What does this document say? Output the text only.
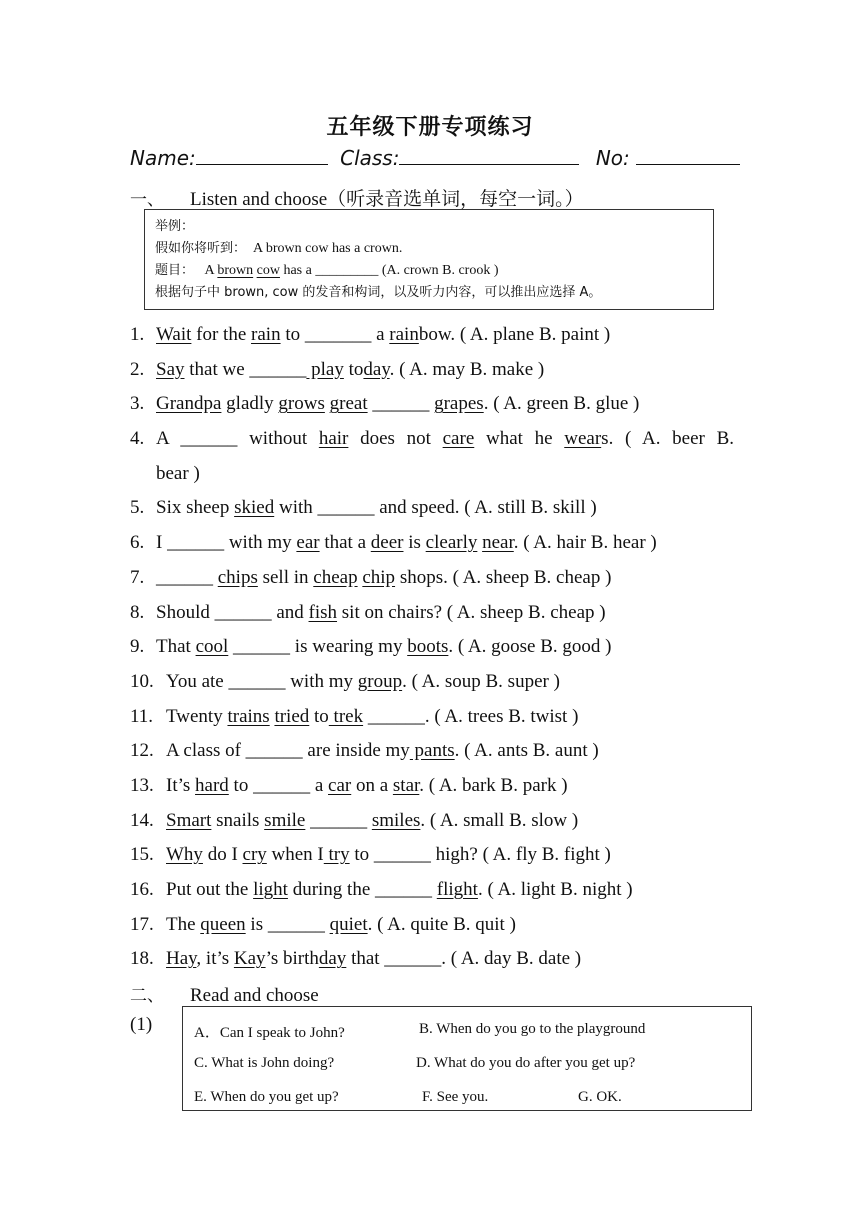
五年级下册专项练习
Name:	Class:	No:
一、 Listen and choose（听录音选单词，每空一词。）
举例：
假如你将听到： A brown cow has a crown.
题目： A brown cow has a _________ (A. crown B. crook )
根据句子中 brown, cow 的发音和构词，以及听力内容，可以推出应选择 A。
1. Wait for the rain to _______ a rainbow. ( A. plane B. paint )
2. Say that we ______ play today. ( A. may B. make )
3. Grandpa gladly grows great ______ grapes. ( A. green B. glue )
4. A ______ without hair does not care what he wears. ( A. beer B.
bear )
5. Six sheep skied with ______ and speed. ( A. still B. skill )
6. I ______ with my ear that a deer is clearly near. ( A. hair B. hear )
7. ______ chips sell in cheap chip shops. ( A. sheep B. cheap )
8. Should ______ and fish sit on chairs? ( A. sheep B. cheap )
9. That cool ______ is wearing my boots. ( A. goose B. good )
10. You ate ______ with my group. ( A. soup B. super )
11. Twenty trains tried to trek ______. ( A. trees B. twist )
12. A class of ______ are inside my pants. ( A. ants B. aunt )
13. It’s hard to ______ a car on a star. ( A. bark B. park )
14. Smart snails smile ______ smiles. ( A. small B. slow )
15. Why do I cry when I try to ______ high? ( A. fly B. fight )
16. Put out the light during the ______ flight. ( A. light B. night )
17. The queen is ______ quiet. ( A. quite B. quit )
18. Hay, it’s Kay’s birthday that ______. ( A. day B. date )
二、 Read and choose
(1)	A．Can I speak to John?	B. When do you go to the playground
C. What is John doing?	D. What do you do after you get up?
E. When do you get up?	F. See you.	G. OK.
